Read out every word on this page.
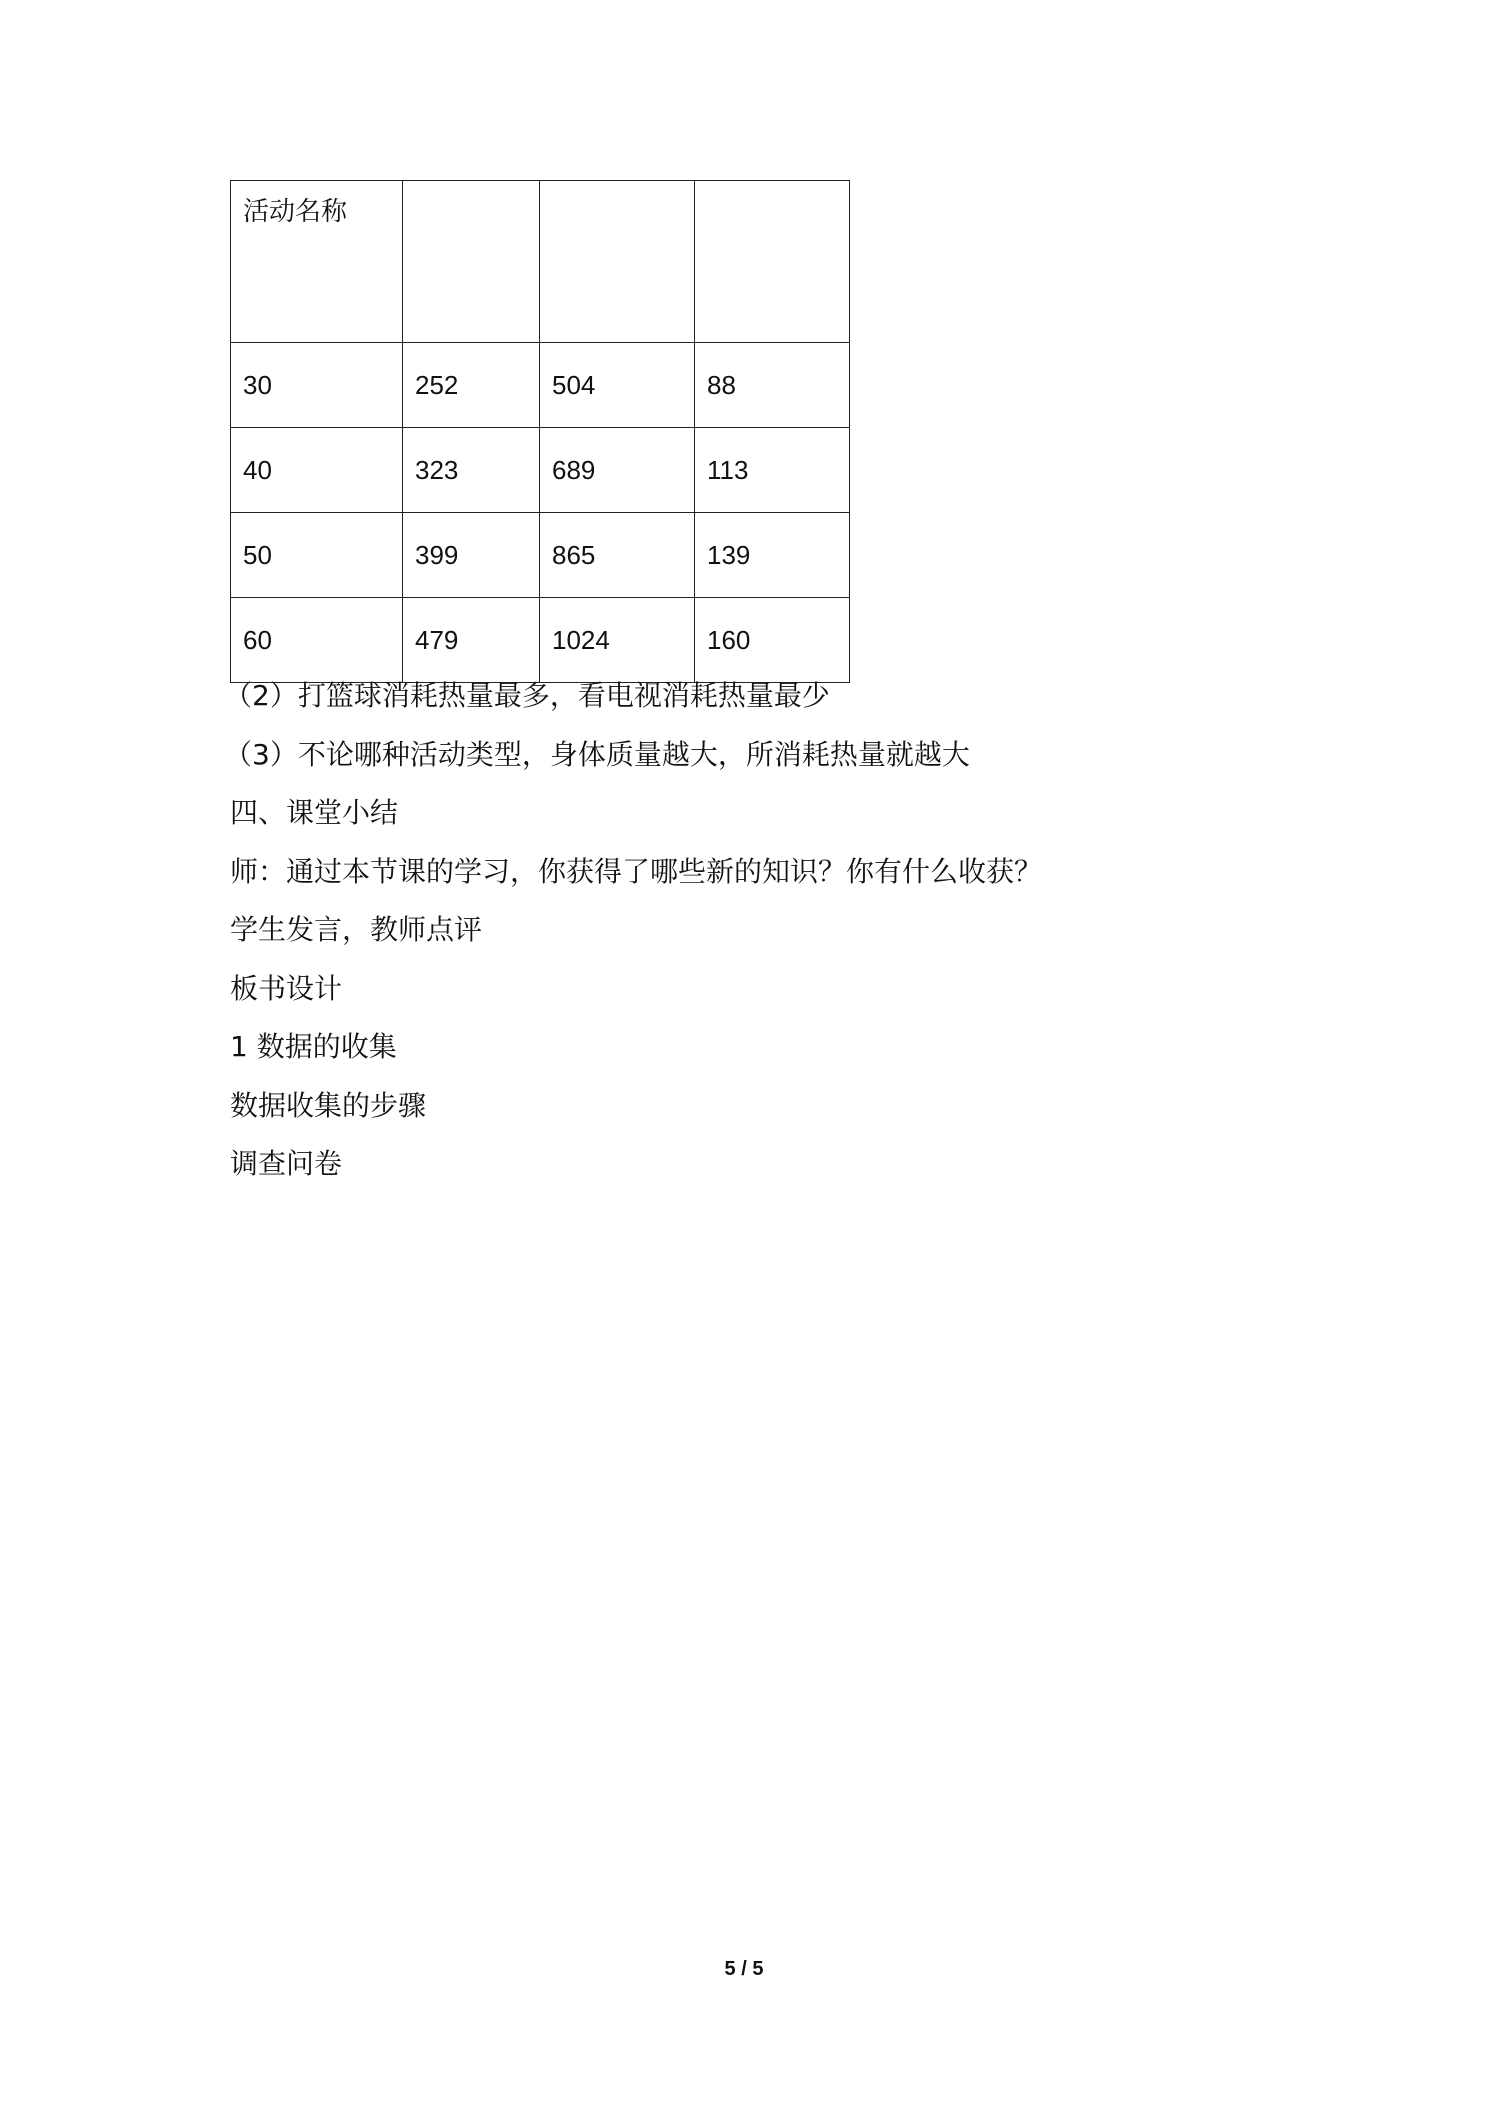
活动名称			
30	252	504	88
40	323	689	113
50	399	865	139
60	479	1024	160
（2）打篮球消耗热量最多，看电视消耗热量最少
（3）不论哪种活动类型，身体质量越大，所消耗热量就越大
四、课堂小结
师：通过本节课的学习，你获得了哪些新的知识？你有什么收获？
学生发言，教师点评
板书设计
1 数据的收集
数据收集的步骤
调查问卷
5 / 5
